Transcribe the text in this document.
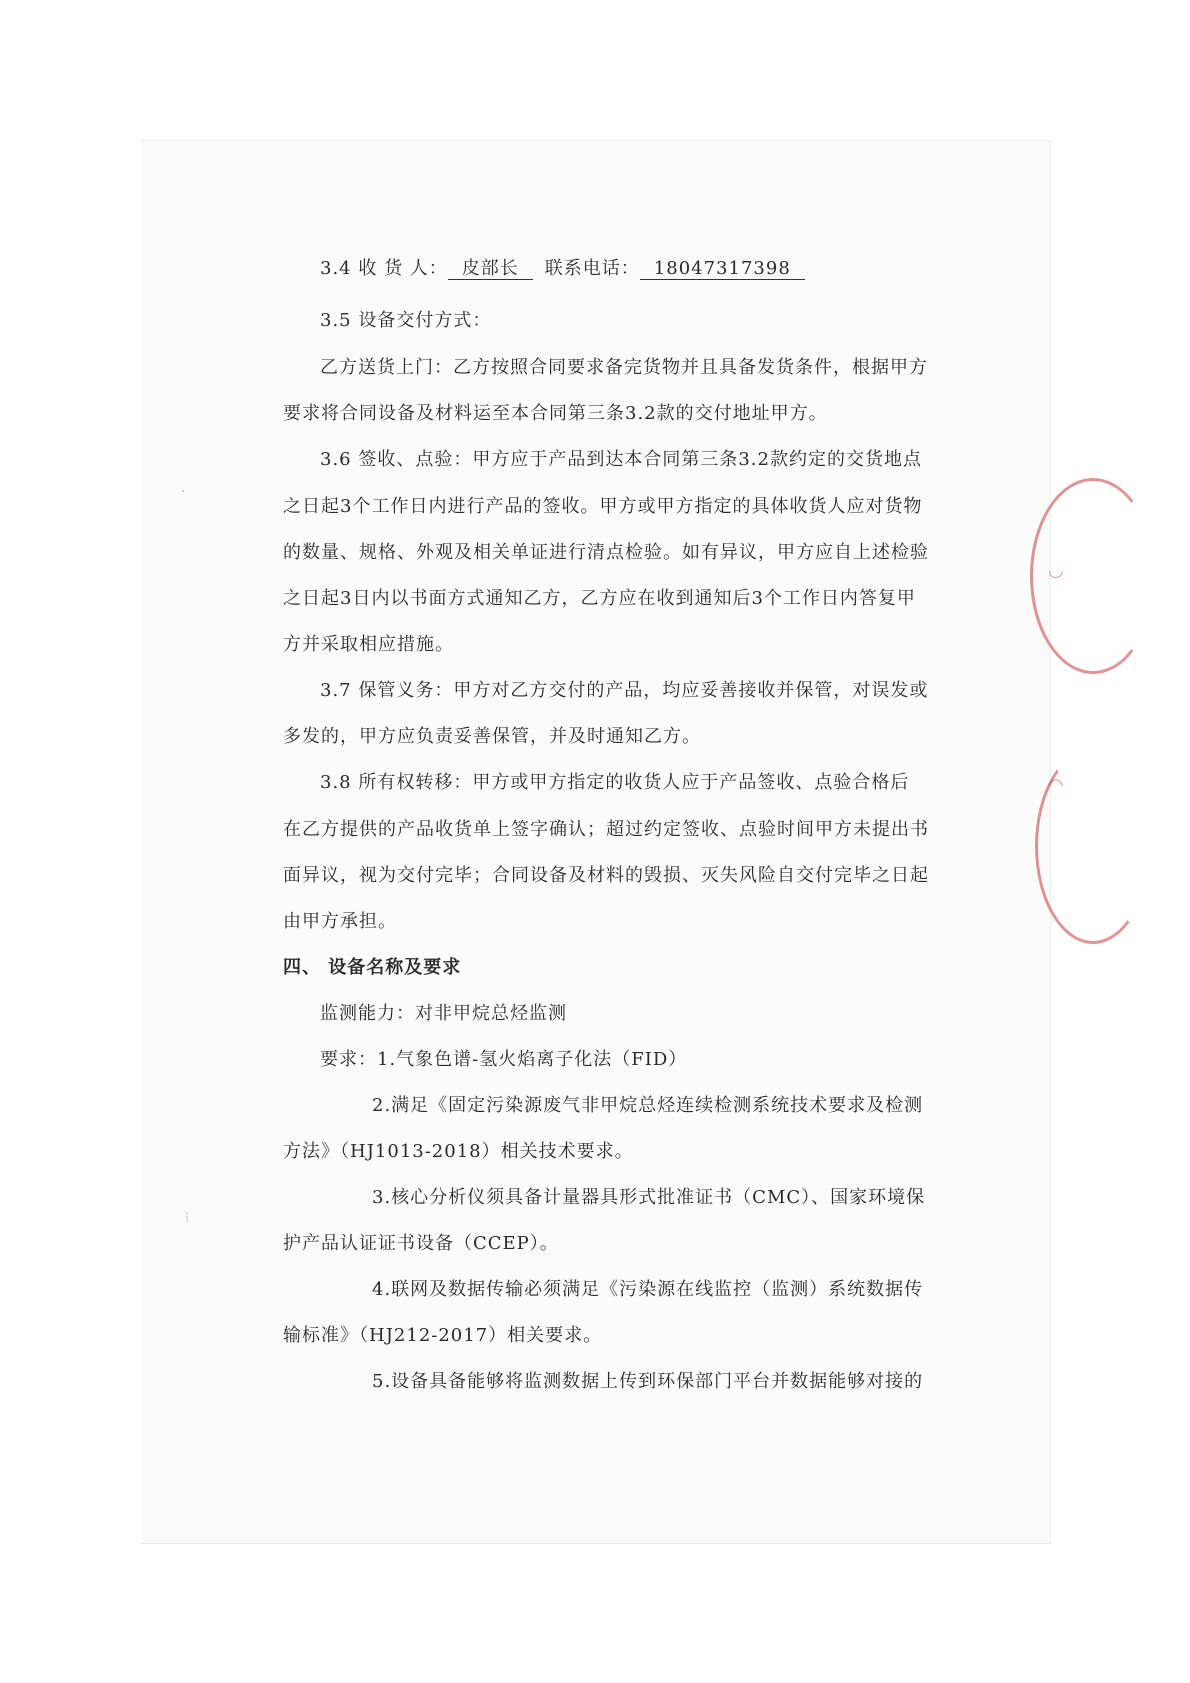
◡
◠
·
⁞

3.4 收 货 人： 皮部长 联系电话： 18047317398

3.5 设备交付方式：

乙方送货上门：乙方按照合同要求备完货物并且具备发货条件，根据甲方

要求将合同设备及材料运至本合同第三条3.2款的交付地址甲方。

3.6 签收、点验：甲方应于产品到达本合同第三条3.2款约定的交货地点

之日起3个工作日内进行产品的签收。甲方或甲方指定的具体收货人应对货物

的数量、规格、外观及相关单证进行清点检验。如有异议，甲方应自上述检验

之日起3日内以书面方式通知乙方，乙方应在收到通知后3个工作日内答复甲

方并采取相应措施。

3.7 保管义务：甲方对乙方交付的产品，均应妥善接收并保管，对误发或

多发的，甲方应负责妥善保管，并及时通知乙方。

3.8 所有权转移：甲方或甲方指定的收货人应于产品签收、点验合格后

在乙方提供的产品收货单上签字确认；超过约定签收、点验时间甲方未提出书

面异议，视为交付完毕；合同设备及材料的毁损、灭失风险自交付完毕之日起

由甲方承担。

四、 设备名称及要求

监测能力：对非甲烷总烃监测

要求：1.气象色谱-氢火焰离子化法（FID）

2.满足《固定污染源废气非甲烷总烃连续检测系统技术要求及检测

方法》（HJ1013-2018）相关技术要求。

3.核心分析仪须具备计量器具形式批准证书（CMC）、国家环境保

护产品认证证书设备（CCEP）。

4.联网及数据传输必须满足《污染源在线监控（监测）系统数据传

输标准》（HJ212-2017）相关要求。

5.设备具备能够将监测数据上传到环保部门平台并数据能够对接的
